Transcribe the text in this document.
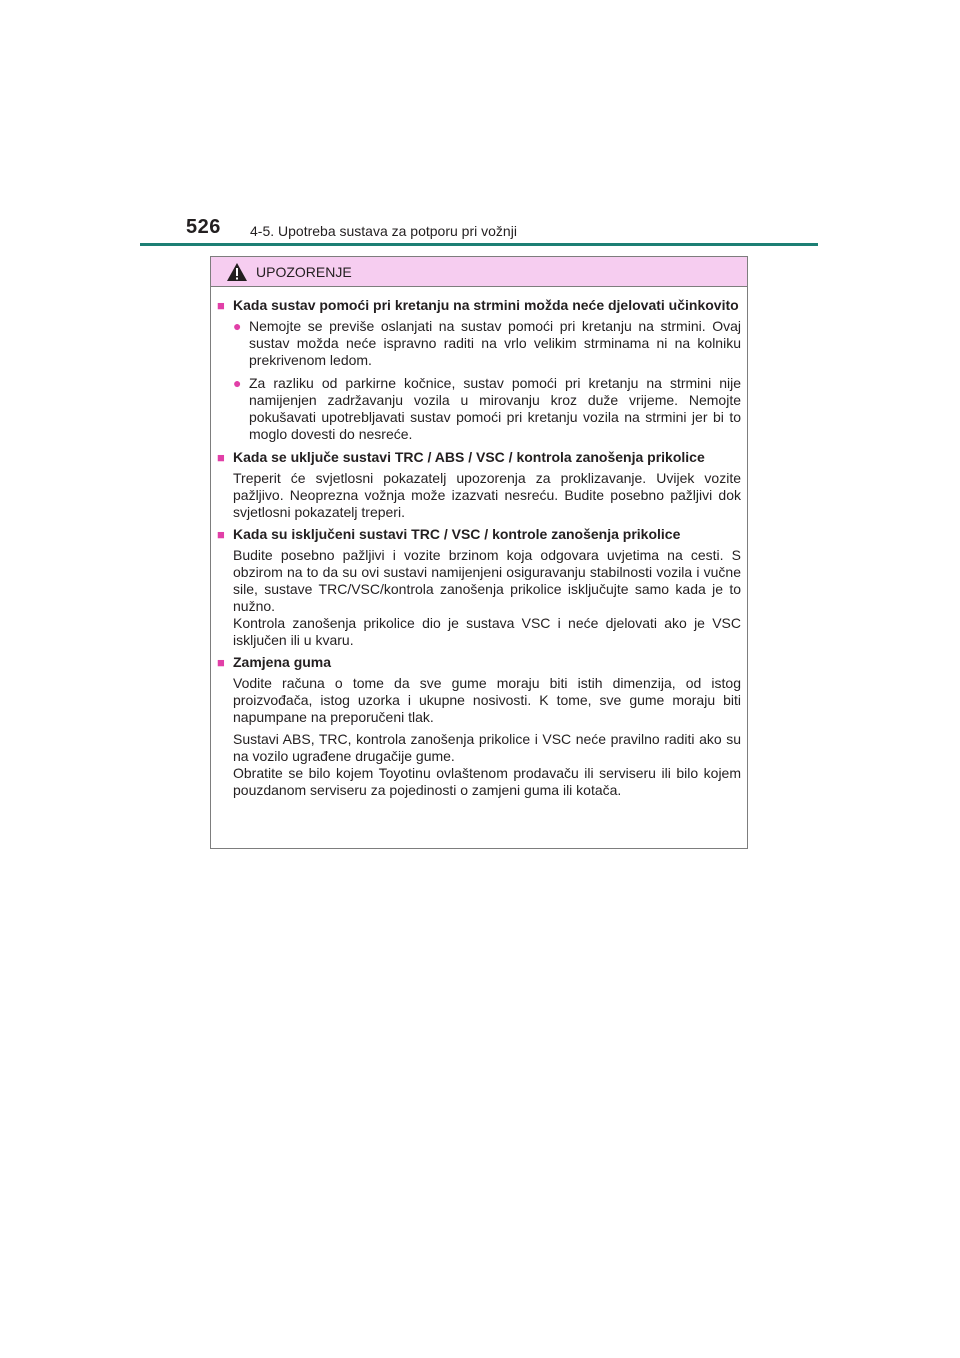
526 4-5. Upotreba sustava za potporu pri vožnji
UPOZORENJE
■ Kada sustav pomoći pri kretanju na strmini možda neće djelovati učinkovito
● Nemojte se previše oslanjati na sustav pomoći pri kretanju na strmini. Ovaj sustav možda neće ispravno raditi na vrlo velikim strminama ni na kolniku prekrivenom ledom.
● Za razliku od parkirne kočnice, sustav pomoći pri kretanju na strmini nije namijenjen zadržavanju vozila u mirovanju kroz duže vrijeme. Nemojte pokušavati upotrebljavati sustav pomoći pri kretanju vozila na strmini jer bi to moglo dovesti do nesreće.
■ Kada se uključe sustavi TRC / ABS / VSC / kontrola zanošenja prikolice
Treperit će svjetlosni pokazatelj upozorenja za proklizavanje. Uvijek vozite pažljivo. Neoprezna vožnja može izazvati nesreću. Budite posebno pažljivi dok svjetlosni pokazatelj treperi.
■ Kada su isključeni sustavi TRC / VSC / kontrole zanošenja prikolice
Budite posebno pažljivi i vozite brzinom koja odgovara uvjetima na cesti. S obzirom na to da su ovi sustavi namijenjeni osiguravanju stabilnosti vozila i vučne sile, sustave TRC/VSC/kontrola zanošenja prikolice isključujte samo kada je to nužno.
Kontrola zanošenja prikolice dio je sustava VSC i neće djelovati ako je VSC isključen ili u kvaru.
■ Zamjena guma
Vodite računa o tome da sve gume moraju biti istih dimenzija, od istog proizvođača, istog uzorka i ukupne nosivosti. K tome, sve gume moraju biti napumpane na preporučeni tlak.
Sustavi ABS, TRC, kontrola zanošenja prikolice i VSC neće pravilno raditi ako su na vozilo ugrađene drugačije gume.
Obratite se bilo kojem Toyotinu ovlaštenom prodavaču ili serviseru ili bilo kojem pouzdanom serviseru za pojedinosti o zamjeni guma ili kotača.
